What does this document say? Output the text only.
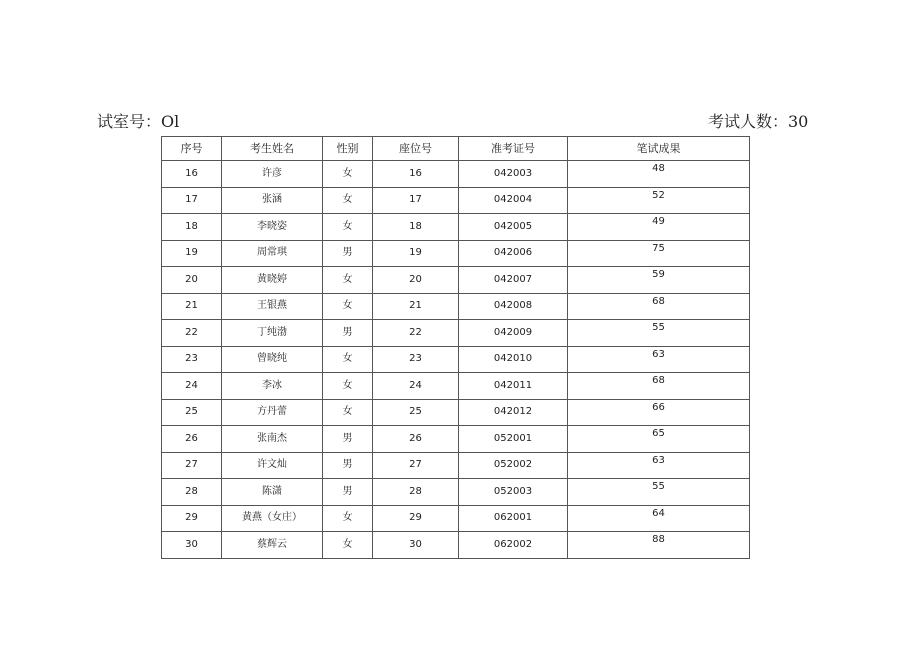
试室号：Ol	考试人数：30
序号	考生姓名	性别	座位号	准考证号	笔试成果
16	许彦	女	16	042003	48
17	张涵	女	17	042004	52
18	李晓姿	女	18	042005	49
19	周常琪	男	19	042006	75
20	黄晓婷	女	20	042007	59
21	王银燕	女	21	042008	68
22	丁纯渤	男	22	042009	55
23	曾晓纯	女	23	042010	63
24	李冰	女	24	042011	68
25	方丹蕾	女	25	042012	66
26	张南杰	男	26	052001	65
27	许文灿	男	27	052002	63
28	陈潇	男	28	052003	55
29	黄燕（女庄）	女	29	062001	64
30	蔡辉云	女	30	062002	88
